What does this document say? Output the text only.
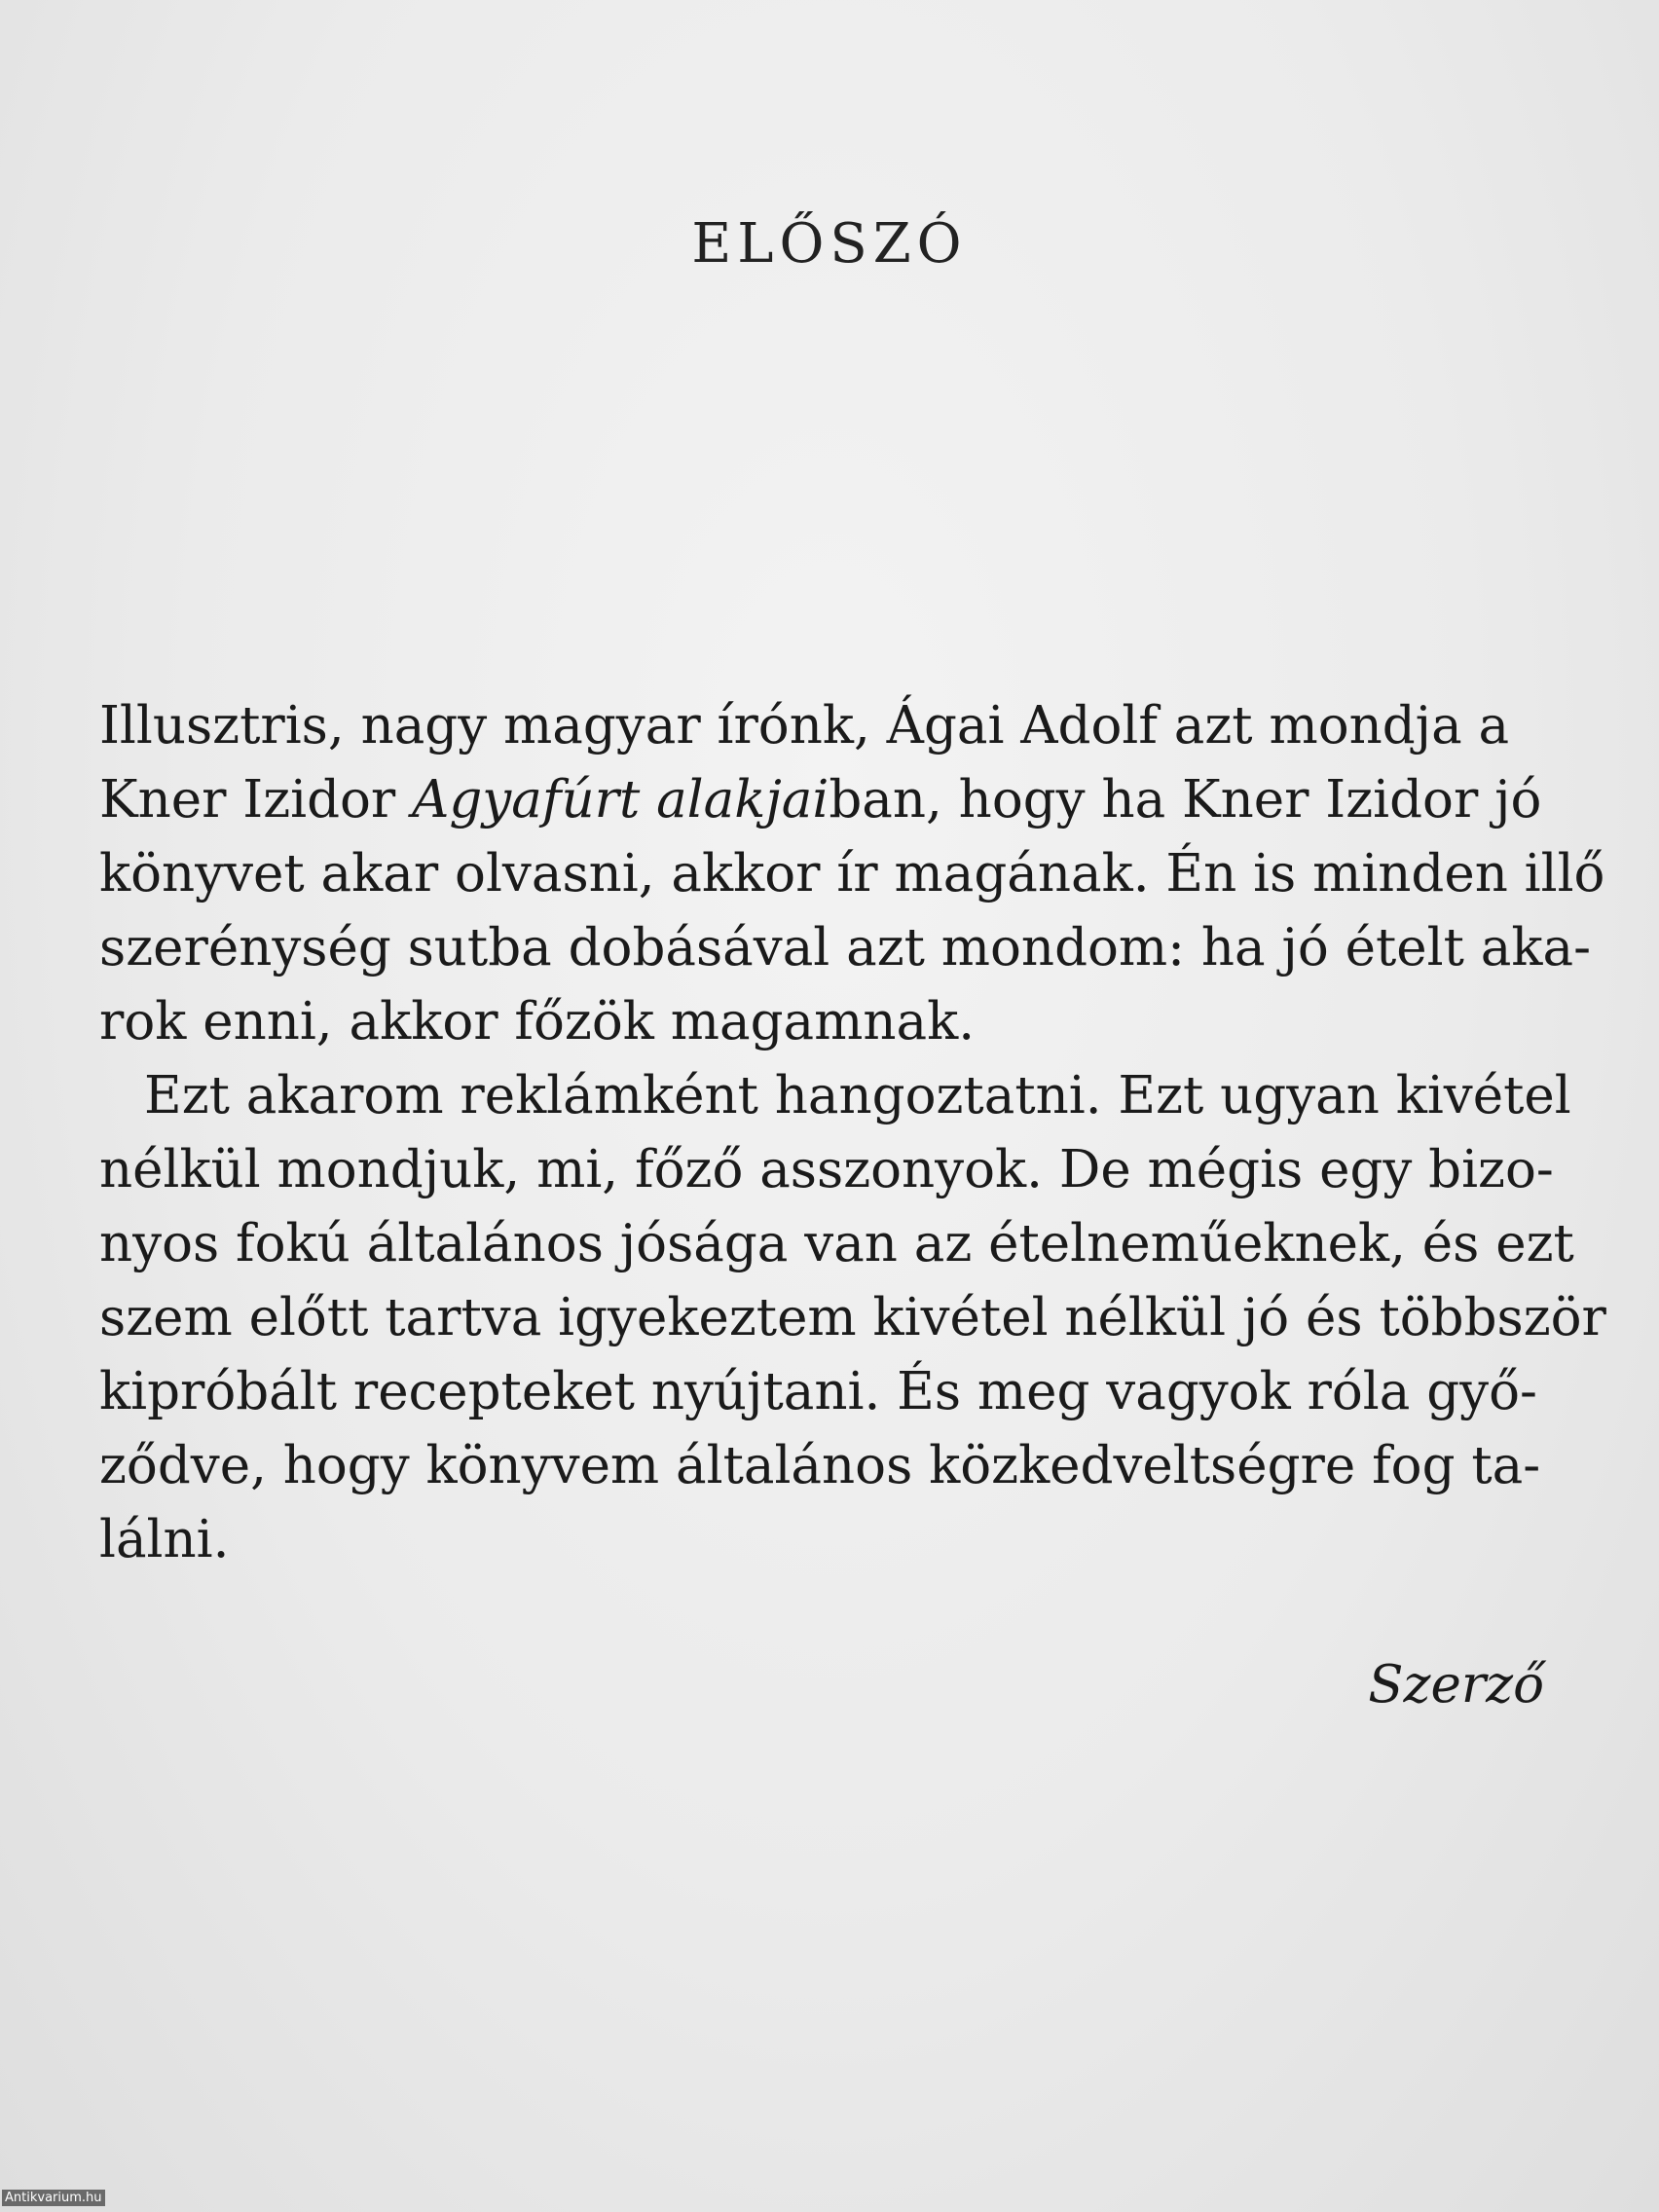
ELŐSZÓ
Illusztris, nagy magyar írónk, Ágai Adolf azt mondja a
Kner Izidor Agyafúrt alakjaiban, hogy ha Kner Izidor jó
könyvet akar olvasni, akkor ír magának. Én is minden illő
szerénység sutba dobásával azt mondom: ha jó ételt aka-
rok enni, akkor főzök magamnak.
Ezt akarom reklámként hangoztatni. Ezt ugyan kivétel
nélkül mondjuk, mi, főző asszonyok. De mégis egy bizo-
nyos fokú általános jósága van az ételneműeknek, és ezt
szem előtt tartva igyekeztem kivétel nélkül jó és többször
kipróbált recepteket nyújtani. És meg vagyok róla győ-
ződve, hogy könyvem általános közkedveltségre fog ta-
lálni.
Szerző
Antikvarium.hu
